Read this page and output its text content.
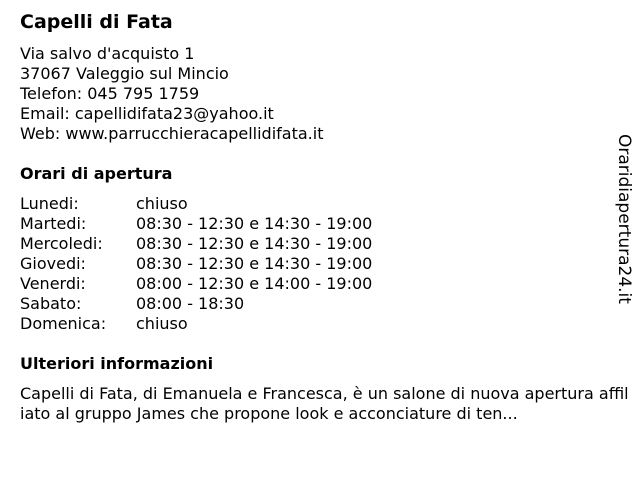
Capelli di Fata
Via salvo d'acquisto 1
37067 Valeggio sul Mincio
Telefon: 045 795 1759
Email: capellidifata23@yahoo.it
Web: www.parrucchieracapellidifata.it
Orari di apertura
Lunedi:	chiuso
Martedi:	08:30 - 12:30 e 14:30 - 19:00
Mercoledi: 08:30 - 12:30 e 14:30 - 19:00
Giovedi:	08:30 - 12:30 e 14:30 - 19:00
Venerdi:	08:00 - 12:30 e 14:00 - 19:00
Sabato:	08:00 - 18:30
Domenica: chiuso
Ulteriori informazioni
Capelli di Fata, di Emanuela e Francesca, è un salone di nuova apertura affiliato al gruppo James che propone look e acconciature di ten...
Oraridiapertura24.it
